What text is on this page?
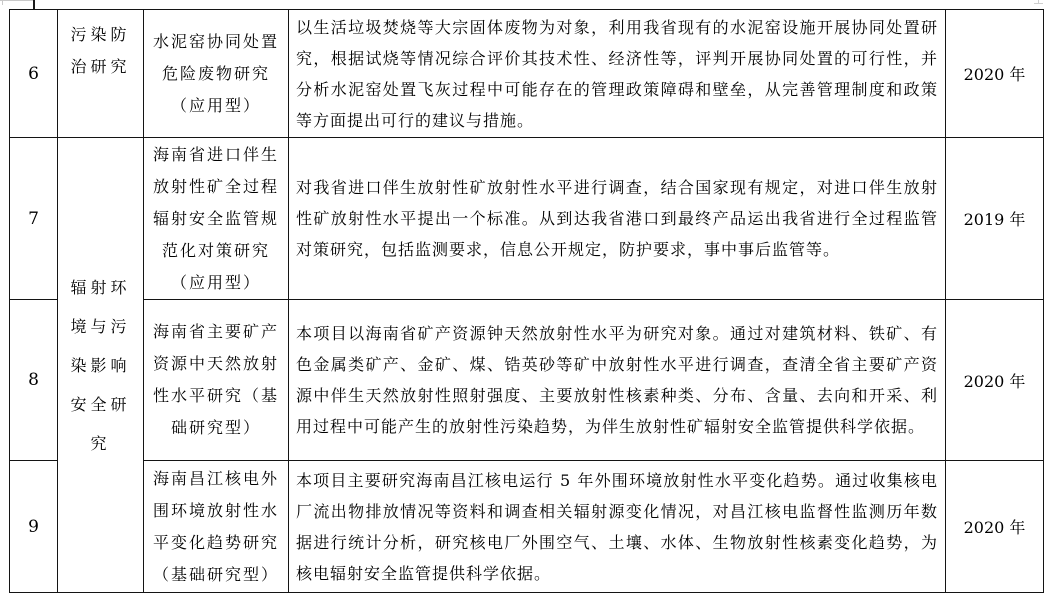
6	污染防治研究	水泥窑协同处置危险废物研究（应用型）	以生活垃圾焚烧等大宗固体废物为对象，利用我省现有的水泥窑设施开展协同处置研究，根据试烧等情况综合评价其技术性、经济性等，评判开展协同处置的可行性，并分析水泥窑处置飞灰过程中可能存在的管理政策障碍和壁垒，从完善管理制度和政策等方面提出可行的建议与措施。	2020 年
7	辐射环境与污染影响安全研究	海南省进口伴生放射性矿全过程辐射安全监管规范化对策研究（应用型）	对我省进口伴生放射性矿放射性水平进行调查，结合国家现有规定，对进口伴生放射性矿放射性水平提出一个标准。从到达我省港口到最终产品运出我省进行全过程监管对策研究，包括监测要求，信息公开规定，防护要求，事中事后监管等。	2019 年
8		海南省主要矿产资源中天然放射性水平研究（基础研究型）	本项目以海南省矿产资源钟天然放射性水平为研究对象。通过对建筑材料、铁矿、有色金属类矿产、金矿、煤、锆英砂等矿中放射性水平进行调查，查清全省主要矿产资源中伴生天然放射性照射强度、主要放射性核素种类、分布、含量、去向和开采、利用过程中可能产生的放射性污染趋势，为伴生放射性矿辐射安全监管提供科学依据。	2020 年
9		海南昌江核电外围环境放射性水平变化趋势研究（基础研究型）	本项目主要研究海南昌江核电运行 5 年外围环境放射性水平变化趋势。通过收集核电厂流出物排放情况等资料和调查相关辐射源变化情况，对昌江核电监督性监测历年数据进行统计分析，研究核电厂外围空气、土壤、水体、生物放射性核素变化趋势，为核电辐射安全监管提供科学依据。	2020 年
